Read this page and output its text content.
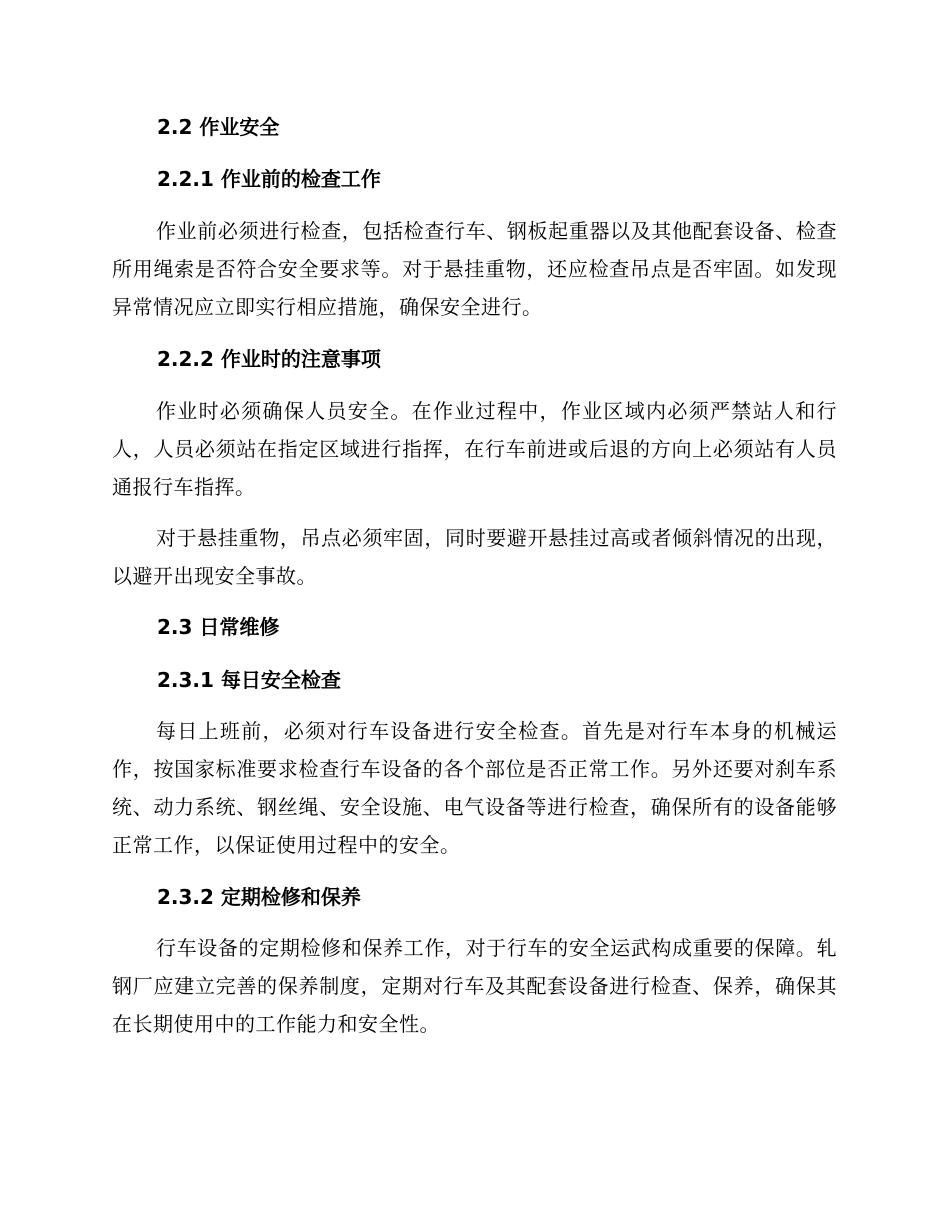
2.2 作业安全
2.2.1 作业前的检查工作

作业前必须进行检查，包括检查行车、钢板起重器以及其他配套设备、检查所用绳索是否符合安全要求等。对于悬挂重物，还应检查吊点是否牢固。如发现异常情况应立即实行相应措施，确保安全进行。

2.2.2 作业时的注意事项

作业时必须确保人员安全。在作业过程中，作业区域内必须严禁站人和行人，人员必须站在指定区域进行指挥，在行车前进或后退的方向上必须站有人员通报行车指挥。

对于悬挂重物，吊点必须牢固，同时要避开悬挂过高或者倾斜情况的出现，以避开出现安全事故。

2.3 日常维修
2.3.1 每日安全检查

每日上班前，必须对行车设备进行安全检查。首先是对行车本身的机械运作，按国家标准要求检查行车设备的各个部位是否正常工作。另外还要对刹车系统、动力系统、钢丝绳、安全设施、电气设备等进行检查，确保所有的设备能够正常工作，以保证使用过程中的安全。

2.3.2 定期检修和保养

行车设备的定期检修和保养工作，对于行车的安全运武构成重要的保障。轧钢厂应建立完善的保养制度，定期对行车及其配套设备进行检查、保养，确保其在长期使用中的工作能力和安全性。
